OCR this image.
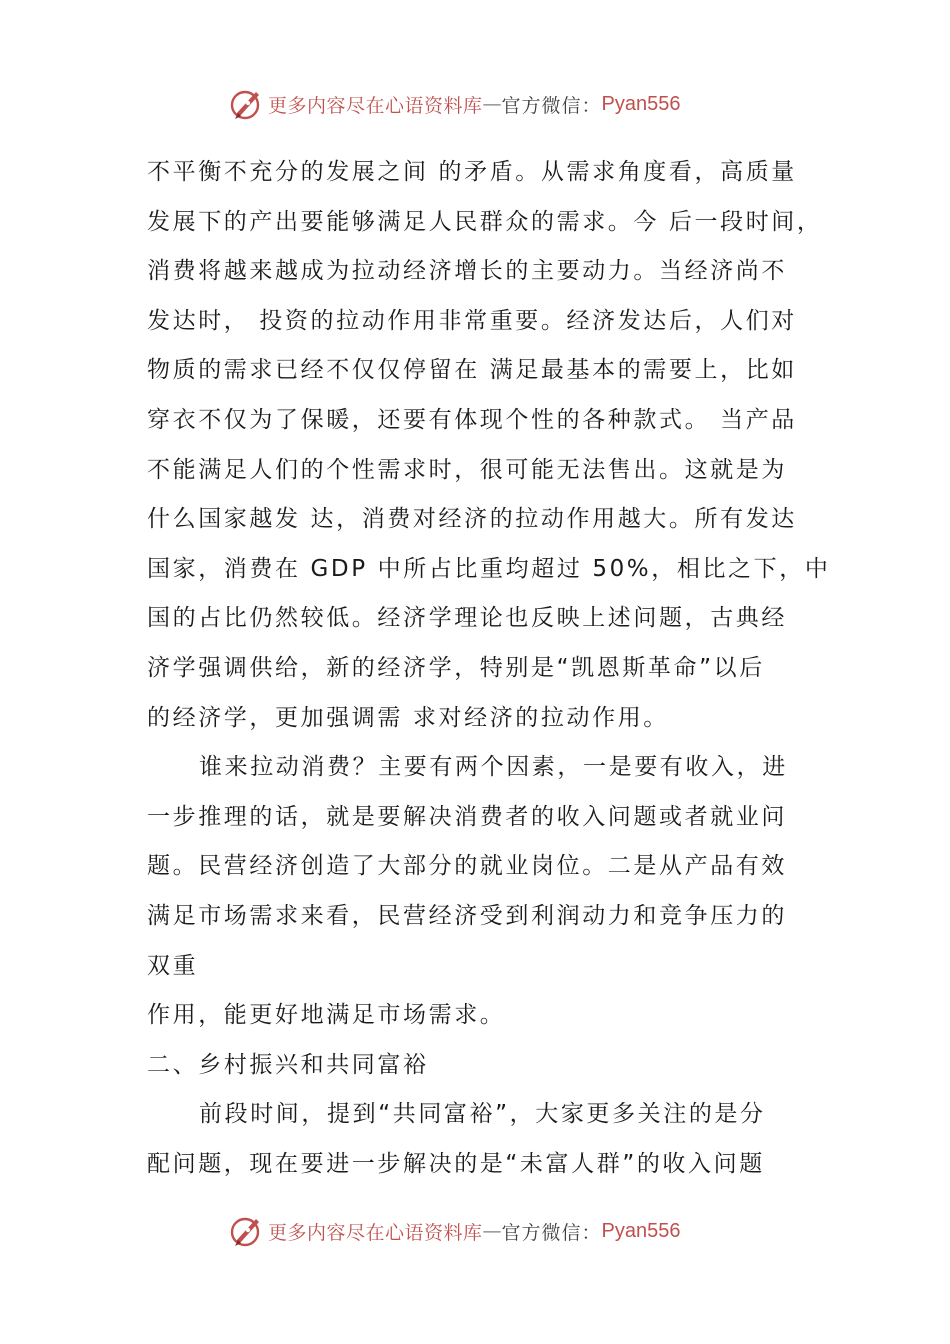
更多内容尽在心语资料库 — 官方微信： Pyan556
不平衡不充分的发展之间 的矛盾。从需求角度看，高质量
发展下的产出要能够满足人民群众的需求。今 后一段时间，
消费将越来越成为拉动经济增长的主要动力。当经济尚不
发达时， 投资的拉动作用非常重要。经济发达后，人们对
物质的需求已经不仅仅停留在 满足最基本的需要上，比如
穿衣不仅为了保暖，还要有体现个性的各种款式。 当产品
不能满足人们的个性需求时，很可能无法售出。这就是为
什么国家越发 达，消费对经济的拉动作用越大。所有发达
国家，消费在 GDP 中所占比重均超过 50%，相比之下，中
国的占比仍然较低。经济学理论也反映上述问题，古典经
济学强调供给，新的经济学，特别是“凯恩斯革命”以后
的经济学，更加强调需 求对经济的拉动作用。
谁来拉动消费？主要有两个因素，一是要有收入，进
一步推理的话，就是要解决消费者的收入问题或者就业问
题。民营经济创造了大部分的就业岗位。二是从产品有效
满足市场需求来看，民营经济受到利润动力和竞争压力的
双重
作用，能更好地满足市场需求。
二、乡村振兴和共同富裕
前段时间，提到“共同富裕”，大家更多关注的是分
配问题，现在要进一步解决的是“未富人群”的收入问题
更多内容尽在心语资料库 — 官方微信： Pyan556
